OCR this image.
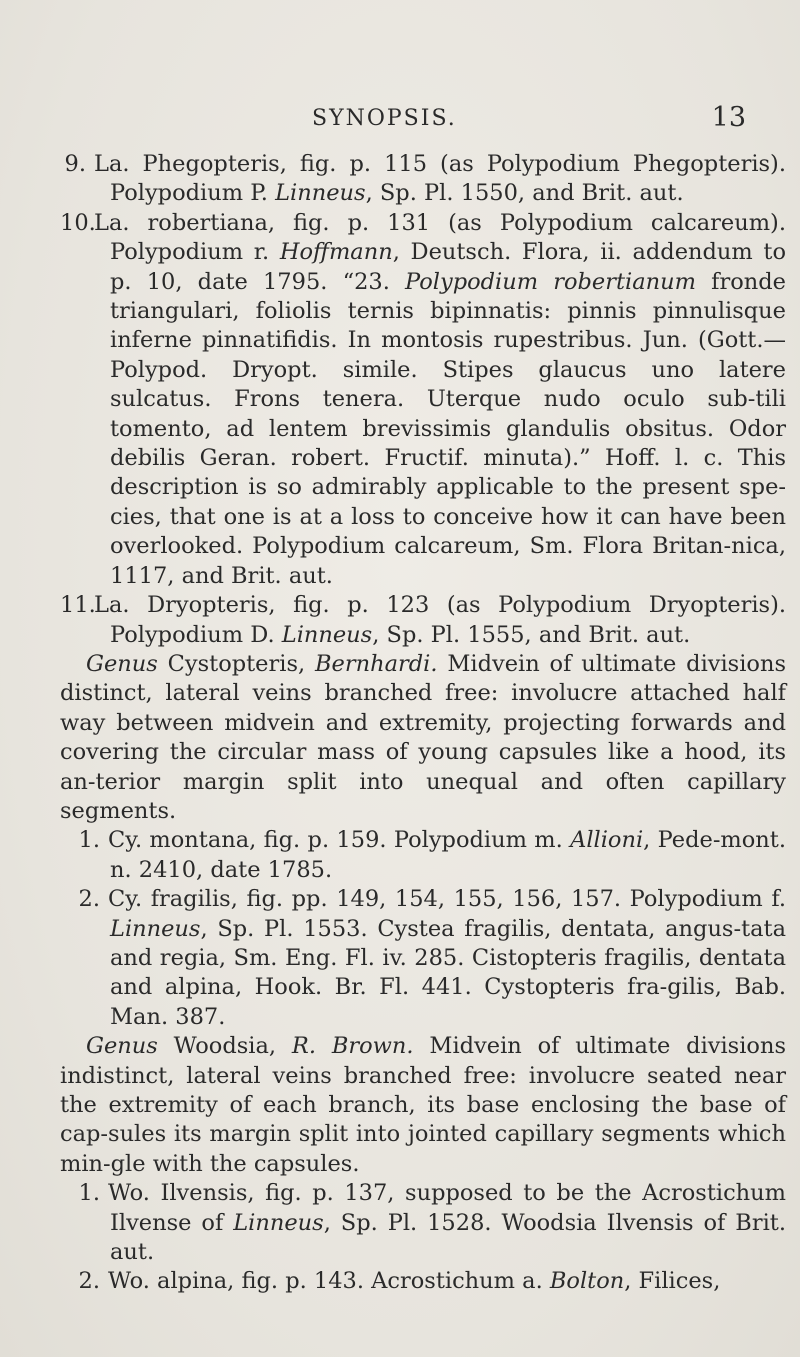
SYNOPSIS.	13

9. La. Phegopteris, fig. p. 115 (as Polypodium Phegopteris). Polypodium P. Linneus, Sp. Pl. 1550, and Brit. aut.

10.La. robertiana, fig. p. 131 (as Polypodium calcareum). Polypodium r. Hoffmann, Deutsch. Flora, ii. addendum to p. 10, date 1795. “23. Polypodium robertianum fronde triangulari, foliolis ternis bipinnatis: pinnis pinnulisque inferne pinnatifidis. In montosis rupestribus. Jun. (Gott.— Polypod. Dryopt. simile. Stipes glaucus uno latere sulcatus. Frons tenera. Uterque nudo oculo sub-tili tomento, ad lentem brevissimis glandulis obsitus. Odor debilis Geran. robert. Fructif. minuta).” Hoff. l. c. This description is so admirably applicable to the present spe-cies, that one is at a loss to conceive how it can have been overlooked. Polypodium calcareum, Sm. Flora Britan-nica, 1117, and Brit. aut.

11.La. Dryopteris, fig. p. 123 (as Polypodium Dryopteris). Polypodium D. Linneus, Sp. Pl. 1555, and Brit. aut.

Genus Cystopteris, Bernhardi. Midvein of ultimate divisions distinct, lateral veins branched free: involucre attached half way between midvein and extremity, projecting forwards and covering the circular mass of young capsules like a hood, its an-terior margin split into unequal and often capillary segments.

1. Cy. montana, fig. p. 159. Polypodium m. Allioni, Pede-mont. n. 2410, date 1785.

2. Cy. fragilis, fig. pp. 149, 154, 155, 156, 157. Polypodium f. Linneus, Sp. Pl. 1553. Cystea fragilis, dentata, angus-tata and regia, Sm. Eng. Fl. iv. 285. Cistopteris fragilis, dentata and alpina, Hook. Br. Fl. 441. Cystopteris fra-gilis, Bab. Man. 387.

Genus Woodsia, R. Brown. Midvein of ultimate divisions indistinct, lateral veins branched free: involucre seated near the extremity of each branch, its base enclosing the base of cap-sules its margin split into jointed capillary segments which min-gle with the capsules.

1. Wo. Ilvensis, fig. p. 137, supposed to be the Acrostichum Ilvense of Linneus, Sp. Pl. 1528. Woodsia Ilvensis of Brit. aut.

2. Wo. alpina, fig. p. 143. Acrostichum a. Bolton, Filices,
